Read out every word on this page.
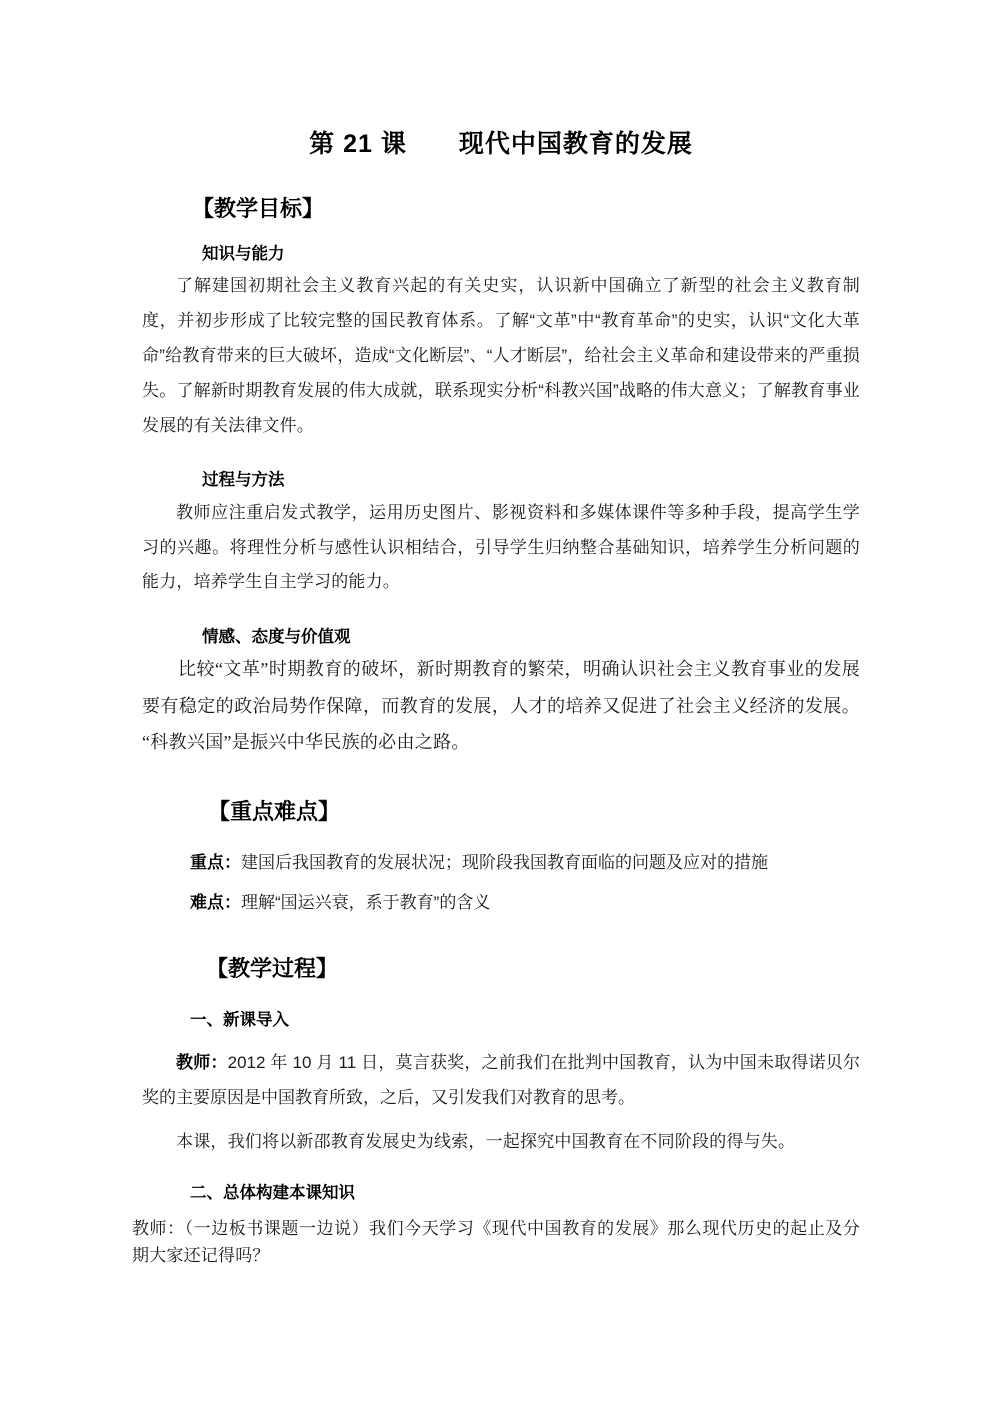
第 21 课　　现代中国教育的发展
【教学目标】
知识与能力

了解建国初期社会主义教育兴起的有关史实，认识新中国确立了新型的社会主义教育制度，并初步形成了比较完整的国民教育体系。了解“文革”中“教育革命”的史实，认识“文化大革命”给教育带来的巨大破坏，造成“文化断层”、“人才断层”，给社会主义革命和建设带来的严重损失。了解新时期教育发展的伟大成就，联系现实分析“科教兴国”战略的伟大意义；了解教育事业发展的有关法律文件。

过程与方法

教师应注重启发式教学，运用历史图片、影视资料和多媒体课件等多种手段，提高学生学习的兴趣。将理性分析与感性认识相结合，引导学生归纳整合基础知识，培养学生分析问题的能力，培养学生自主学习的能力。

情感、态度与价值观

比较“文革”时期教育的破坏，新时期教育的繁荣，明确认识社会主义教育事业的发展要有稳定的政治局势作保障，而教育的发展，人才的培养又促进了社会主义经济的发展。“科教兴国”是振兴中华民族的必由之路。

【重点难点】

重点：建国后我国教育的发展状况；现阶段我国教育面临的问题及应对的措施

难点：理解“国运兴衰，系于教育”的含义

【教学过程】
一、新课导入

教师：2012 年 10 月 11 日，莫言获奖，之前我们在批判中国教育，认为中国未取得诺贝尔奖的主要原因是中国教育所致，之后，又引发我们对教育的思考。

本课，我们将以新邵教育发展史为线索，一起探究中国教育在不同阶段的得与失。

二、总体构建本课知识

教师：（一边板书课题一边说）我们今天学习《现代中国教育的发展》那么现代历史的起止及分期大家还记得吗？
